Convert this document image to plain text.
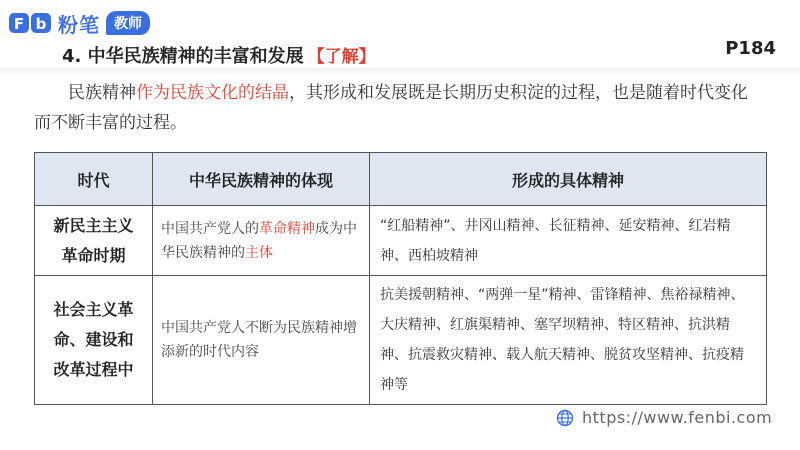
F b 粉笔	教师
P184
4. 中华民族精神的丰富和发展 【了解】

民族精神作为民族文化的结晶，其形成和发展既是长期历史积淀的过程，也是随着时代变化而不断丰富的过程。

时代	中华民族精神的体现	形成的具体精神

新民主主义
革命时期	中国共产党人的革命精神成为中华民族精神的主体	“红船精神”、井冈山精神、长征精神、延安精神、红岩精神、西柏坡精神

社会主义革
命、建设和
改革过程中	中国共产党人不断为民族精神增添新的时代内容	抗美援朝精神、“两弹一星”精神、雷锋精神、焦裕禄精神、大庆精神、红旗渠精神、塞罕坝精神、特区精神、抗洪精神、抗震救灾精神、载人航天精神、脱贫攻坚精神、抗疫精神等
https://www.fenbi.com
